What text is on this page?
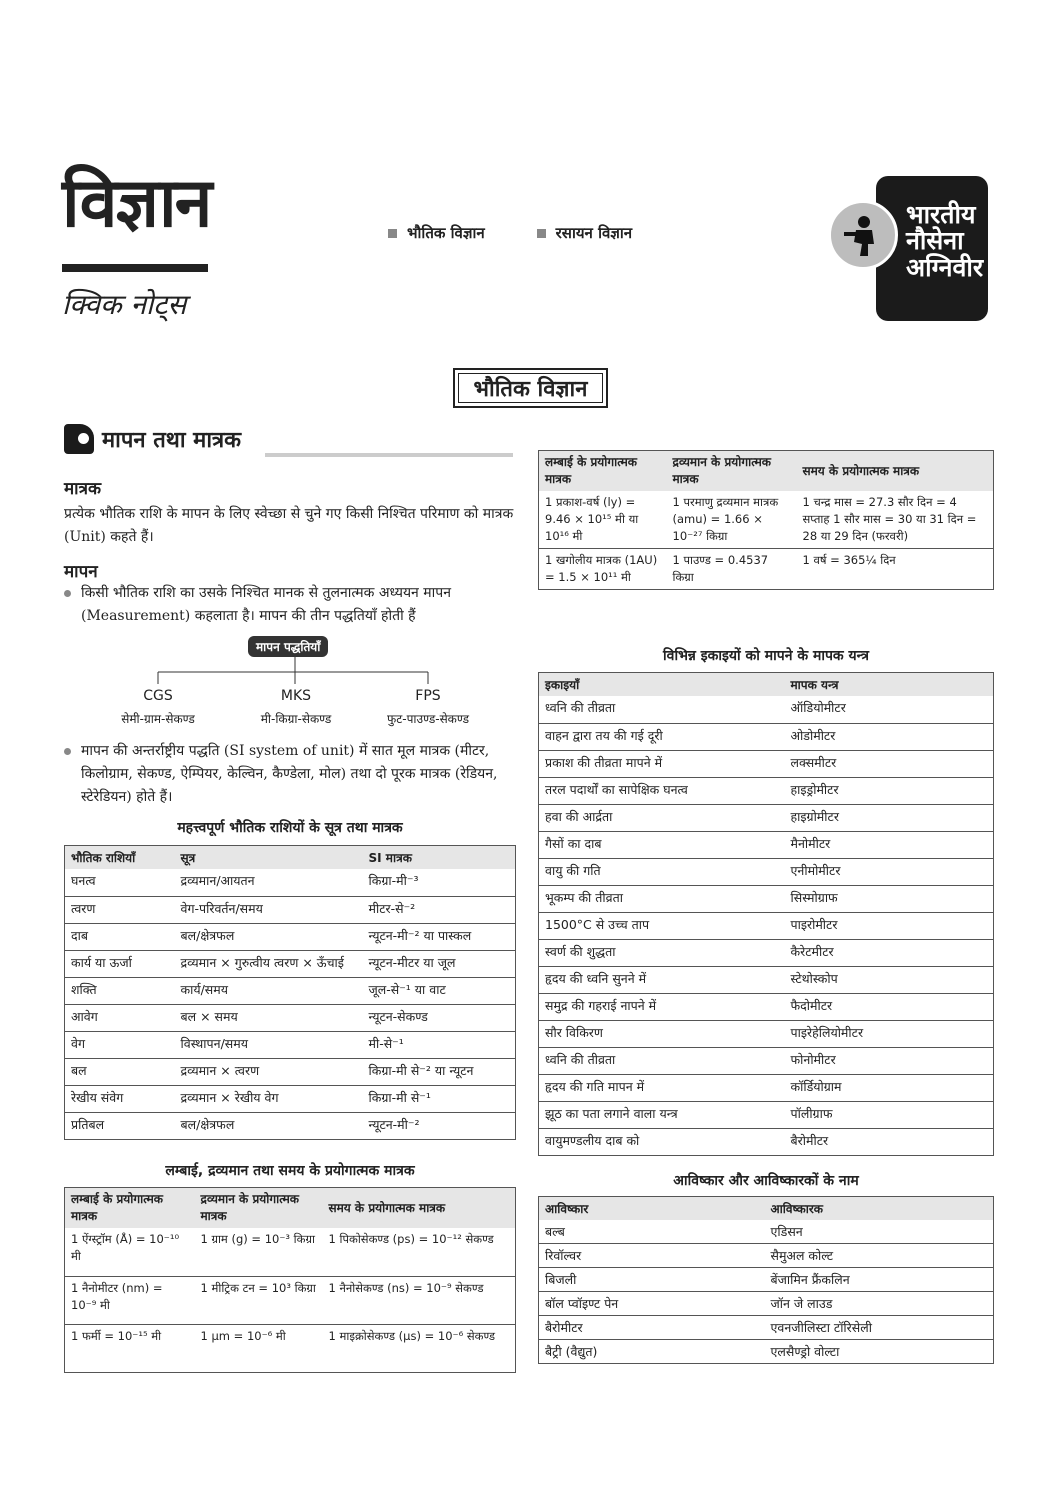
विज्ञान
क्विक नोट्स
भौतिक विज्ञान	रसायन विज्ञान
भारतीय
नौसेना
अग्निवीर
भौतिक विज्ञान
मापन तथा मात्रक
मात्रक
प्रत्येक भौतिक राशि के मापन के लिए स्वेच्छा से चुने गए किसी निश्चित परिमाण को मात्रक (Unit) कहते हैं।
मापन
किसी भौतिक राशि का उसके निश्चित मानक से तुलनात्मक अध्ययन मापन (Measurement) कहलाता है। मापन की तीन पद्धतियाँ होती हैं
मापन पद्धतियाँ
CGS
सेमी-ग्राम-सेकण्ड
MKS
मी-किग्रा-सेकण्ड
FPS
फुट-पाउण्ड-सेकण्ड
मापन की अन्तर्राष्ट्रीय पद्धति (SI system of unit) में सात मूल मात्रक (मीटर, किलोग्राम, सेकण्ड, ऐम्पियर, केल्विन, कैण्डेला, मोल) तथा दो पूरक मात्रक (रेडियन, स्टेरेडियन) होते हैं।
महत्त्वपूर्ण भौतिक राशियों के सूत्र तथा मात्रक
भौतिक राशियाँ	सूत्र	SI मात्रक
घनत्व	द्रव्यमान/आयतन	किग्रा-मी⁻³
त्वरण	वेग-परिवर्तन/समय	मीटर-से⁻²
दाब	बल/क्षेत्रफल	न्यूटन-मी⁻² या पास्कल
कार्य या ऊर्जा	द्रव्यमान × गुरुत्वीय त्वरण × ऊँचाई	न्यूटन-मीटर या जूल
शक्ति	कार्य/समय	जूल-से⁻¹ या वाट
आवेग	बल × समय	न्यूटन-सेकण्ड
वेग	विस्थापन/समय	मी-से⁻¹
बल	द्रव्यमान × त्वरण	किग्रा-मी से⁻² या न्यूटन
रेखीय संवेग	द्रव्यमान × रेखीय वेग	किग्रा-मी से⁻¹
प्रतिबल	बल/क्षेत्रफल	न्यूटन-मी⁻²
लम्बाई, द्रव्यमान तथा समय के प्रयोगात्मक मात्रक
लम्बाई के प्रयोगात्मक मात्रक	द्रव्यमान के प्रयोगात्मक मात्रक	समय के प्रयोगात्मक मात्रक
1 ऐंग्स्ट्रॉम (Å) = 10⁻¹⁰ मी	1 ग्राम (g) = 10⁻³ किग्रा	1 पिकोसेकण्ड (ps) = 10⁻¹² सेकण्ड
1 नैनोमीटर (nm) = 10⁻⁹ मी	1 मीट्रिक टन = 10³ किग्रा	1 नैनोसेकण्ड (ns) = 10⁻⁹ सेकण्ड
1 फर्मी = 10⁻¹⁵ मी	1 μm = 10⁻⁶ मी	1 माइक्रोसेकण्ड (μs) = 10⁻⁶ सेकण्ड
लम्बाई के प्रयोगात्मक मात्रक	द्रव्यमान के प्रयोगात्मक मात्रक	समय के प्रयोगात्मक मात्रक
1 प्रकाश-वर्ष (ly) = 9.46 × 10¹⁵ मी या 10¹⁶ मी	1 परमाणु द्रव्यमान मात्रक (amu) = 1.66 × 10⁻²⁷ किग्रा	1 चन्द्र मास = 27.3 सौर दिन = 4 सप्ताह 1 सौर मास = 30 या 31 दिन = 28 या 29 दिन (फरवरी)
1 खगोलीय मात्रक (1AU) = 1.5 × 10¹¹ मी	1 पाउण्ड = 0.4537 किग्रा	1 वर्ष = 365¼ दिन
विभिन्न इकाइयों को मापने के मापक यन्त्र
इकाइयाँ	मापक यन्त्र
ध्वनि की तीव्रता	ऑडियोमीटर
वाहन द्वारा तय की गई दूरी	ओडोमीटर
प्रकाश की तीव्रता मापने में	लक्समीटर
तरल पदार्थों का सापेक्षिक घनत्व	हाइड्रोमीटर
हवा की आर्द्रता	हाइग्रोमीटर
गैसों का दाब	मैनोमीटर
वायु की गति	एनीमोमीटर
भूकम्प की तीव्रता	सिस्मोग्राफ
1500°C से उच्च ताप	पाइरोमीटर
स्वर्ण की शुद्धता	कैरेटमीटर
हृदय की ध्वनि सुनने में	स्टेथोस्कोप
समुद्र की गहराई नापने में	फैदोमीटर
सौर विकिरण	पाइरेहेलियोमीटर
ध्वनि की तीव्रता	फोनोमीटर
हृदय की गति मापन में	कॉर्डियोग्राम
झूठ का पता लगाने वाला यन्त्र	पॉलीग्राफ
वायुमण्डलीय दाब को	बैरोमीटर
आविष्कार और आविष्कारकों के नाम
आविष्कार	आविष्कारक
बल्ब	एडिसन
रिवॉल्वर	सैमुअल कोल्ट
बिजली	बेंजामिन फ्रैंकलिन
बॉल प्वॉइण्ट पेन	जॉन जे लाउड
बैरोमीटर	एवनजीलिस्टा टॉरिसेली
बैट्री (वैद्युत)	एलसैण्ड्रो वोल्टा
